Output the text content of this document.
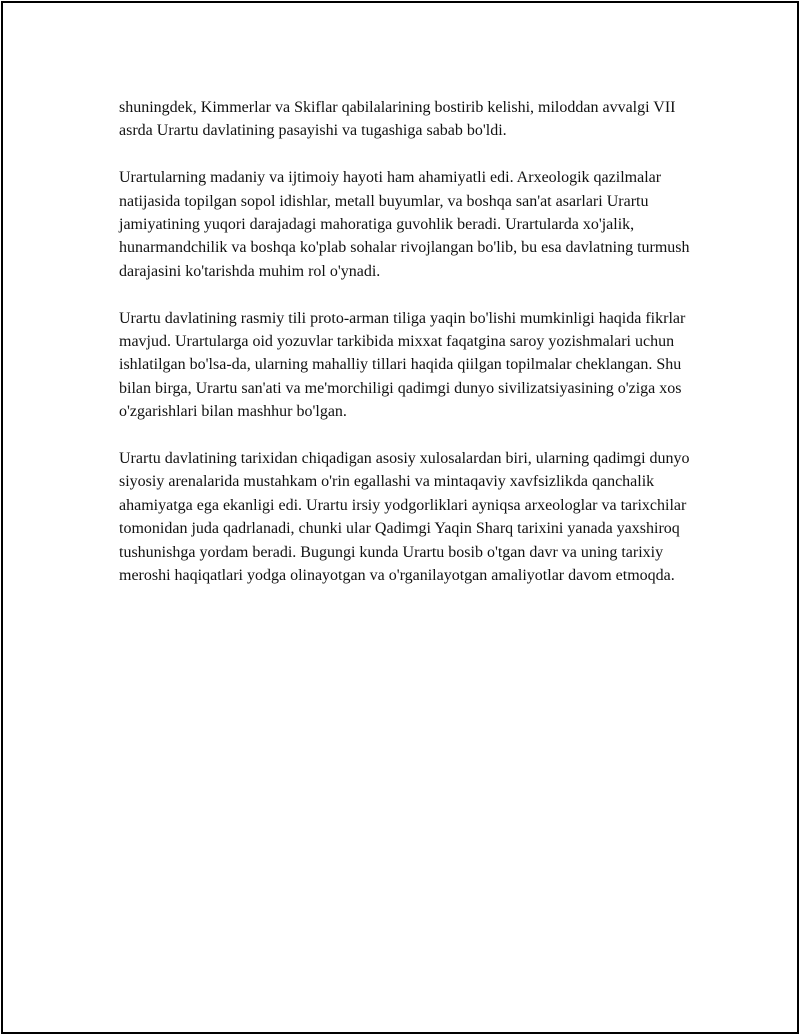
shuningdek, Kimmerlar va Skiflar qabilalarining bostirib kelishi, miloddan avvalgi VII asrda Urartu davlatining pasayishi va tugashiga sabab bo'ldi.

Urartularning madaniy va ijtimoiy hayoti ham ahamiyatli edi. Arxeologik qazilmalar natijasida topilgan sopol idishlar, metall buyumlar, va boshqa san'at asarlari Urartu jamiyatining yuqori darajadagi mahoratiga guvohlik beradi. Urartularda xo'jalik, hunarmandchilik va boshqa ko'plab sohalar rivojlangan bo'lib, bu esa davlatning turmush darajasini ko'tarishda muhim rol o'ynadi.

Urartu davlatining rasmiy tili proto-arman tiliga yaqin bo'lishi mumkinligi haqida fikrlar mavjud. Urartularga oid yozuvlar tarkibida mixxat faqatgina saroy yozishmalari uchun ishlatilgan bo'lsa-da, ularning mahalliy tillari haqida qiilgan topilmalar cheklangan. Shu bilan birga, Urartu san'ati va me'morchiligi qadimgi dunyo sivilizatsiyasining o'ziga xos o'zgarishlari bilan mashhur bo'lgan.

Urartu davlatining tarixidan chiqadigan asosiy xulosalardan biri, ularning qadimgi dunyo siyosiy arenalarida mustahkam o'rin egallashi va mintaqaviy xavfsizlikda qanchalik ahamiyatga ega ekanligi edi. Urartu irsiy yodgorliklari ayniqsa arxeologlar va tarixchilar tomonidan juda qadrlanadi, chunki ular Qadimgi Yaqin Sharq tarixini yanada yaxshiroq tushunishga yordam beradi. Bugungi kunda Urartu bosib o'tgan davr va uning tarixiy meroshi haqiqatlari yodga olinayotgan va o'rganilayotgan amaliyotlar davom etmoqda.
